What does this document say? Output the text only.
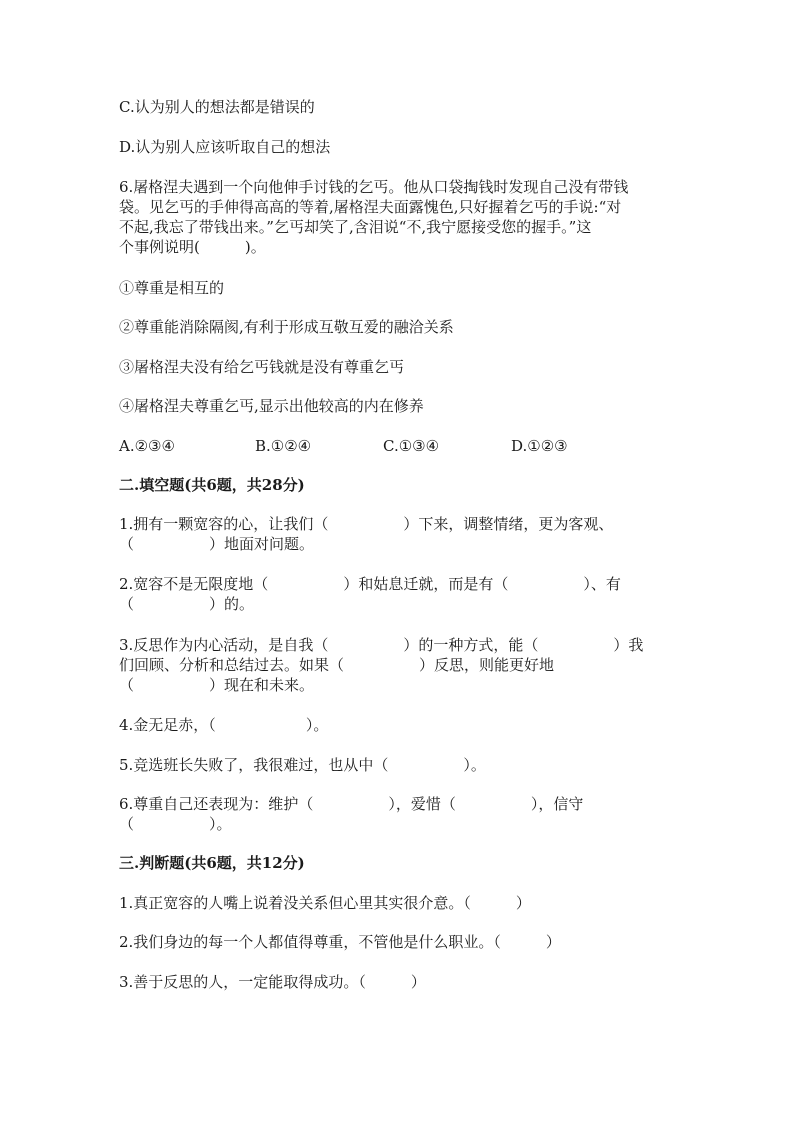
C.认为别人的想法都是错误的

D.认为别人应该听取自己的想法

6.屠格涅夫遇到一个向他伸手讨钱的乞丐。他从口袋掏钱时发现自己没有带钱

袋。见乞丐的手伸得高高的等着,屠格涅夫面露愧色,只好握着乞丐的手说:“对

不起,我忘了带钱出来。”乞丐却笑了,含泪说“不,我宁愿接受您的握手。”这

个事例说明(　　　)。

①尊重是相互的

②尊重能消除隔阂,有利于形成互敬互爱的融洽关系

③屠格涅夫没有给乞丐钱就是没有尊重乞丐

④屠格涅夫尊重乞丐,显示出他较高的内在修养

A.②③④	B.①②④	C.①③④	D.①②③

二.填空题(共6题，共28分)

1.拥有一颗宽容的心，让我们（　　　　　）下来，调整情绪，更为客观、

（　　　　　）地面对问题。

2.宽容不是无限度地（　　　　　）和姑息迁就，而是有（　　　　　）、有

（　　　　　）的。

3.反思作为内心活动，是自我（　　　　　）的一种方式，能（　　　　　）我

们回顾、分析和总结过去。如果（　　　　　）反思，则能更好地

（　　　　　）现在和未来。

4.金无足赤，（　　　　　　）。

5.竞选班长失败了，我很难过，也从中（　　　　　）。

6.尊重自己还表现为：维护（　　　　　），爱惜（　　　　　），信守

（　　　　　）。

三.判断题(共6题，共12分)

1.真正宽容的人嘴上说着没关系但心里其实很介意。（　　　）

2.我们身边的每一个人都值得尊重，不管他是什么职业。（　　　）

3.善于反思的人，一定能取得成功。（　　　）
